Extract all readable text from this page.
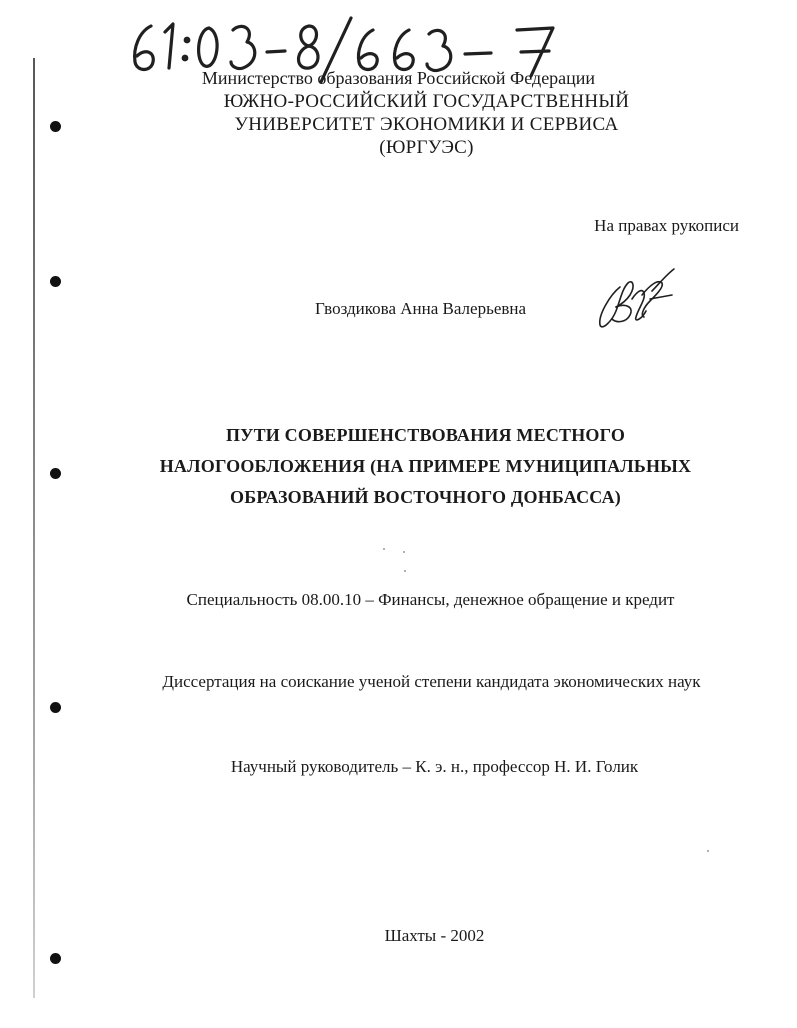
Министерство образования Российской Федерации
ЮЖНО-РОССИЙСКИЙ ГОСУДАРСТВЕННЫЙ
УНИВЕРСИТЕТ ЭКОНОМИКИ И СЕРВИСА
(ЮРГУЭС)
На правах рукописи
Гвоздикова Анна Валерьевна
ПУТИ СОВЕРШЕНСТВОВАНИЯ МЕСТНОГО
НАЛОГООБЛОЖЕНИЯ (НА ПРИМЕРЕ МУНИЦИПАЛЬНЫХ
ОБРАЗОВАНИЙ ВОСТОЧНОГО ДОНБАССА)
Специальность 08.00.10 – Финансы, денежное обращение и кредит
Диссертация на соискание ученой степени кандидата экономических наук
Научный руководитель – К. э. н., профессор Н. И. Голик
Шахты - 2002
